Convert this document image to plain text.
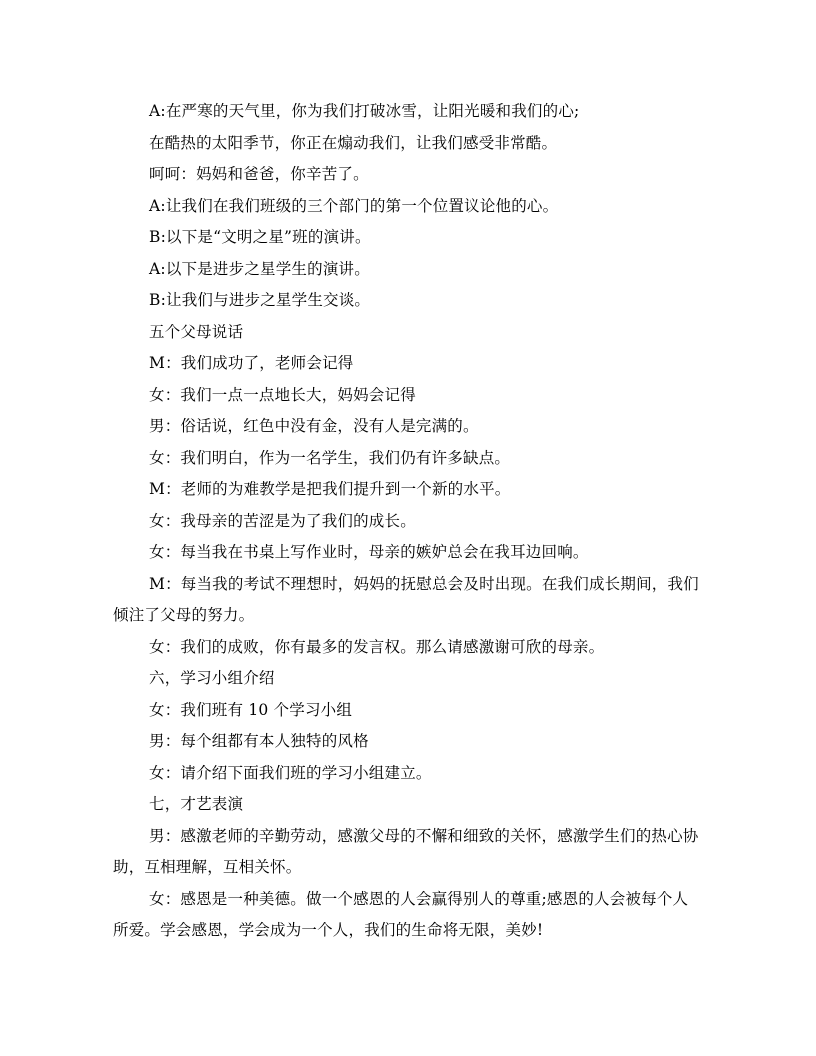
A:在严寒的天气里，你为我们打破冰雪，让阳光暖和我们的心;

在酷热的太阳季节，你正在煽动我们，让我们感受非常酷。

呵呵：妈妈和爸爸，你辛苦了。

A:让我们在我们班级的三个部门的第一个位置议论他的心。

B:以下是“文明之星”班的演讲。

A:以下是进步之星学生的演讲。

B:让我们与进步之星学生交谈。

五个父母说话

M：我们成功了，老师会记得

女：我们一点一点地长大，妈妈会记得

男：俗话说，红色中没有金，没有人是完满的。

女：我们明白，作为一名学生，我们仍有许多缺点。

M：老师的为难教学是把我们提升到一个新的水平。

女：我母亲的苦涩是为了我们的成长。

女：每当我在书桌上写作业时，母亲的嫉妒总会在我耳边回响。

M：每当我的考试不理想时，妈妈的抚慰总会及时出现。在我们成长期间，我们倾注了父母的努力。

女：我们的成败，你有最多的发言权。那么请感激谢可欣的母亲。

六，学习小组介绍

女：我们班有 10 个学习小组

男：每个组都有本人独特的风格

女：请介绍下面我们班的学习小组建立。

七，才艺表演

男：感激老师的辛勤劳动，感激父母的不懈和细致的关怀，感激学生们的热心协助，互相理解，互相关怀。

女：感恩是一种美德。做一个感恩的人会赢得别人的尊重;感恩的人会被每个人所爱。学会感恩，学会成为一个人，我们的生命将无限，美妙!
